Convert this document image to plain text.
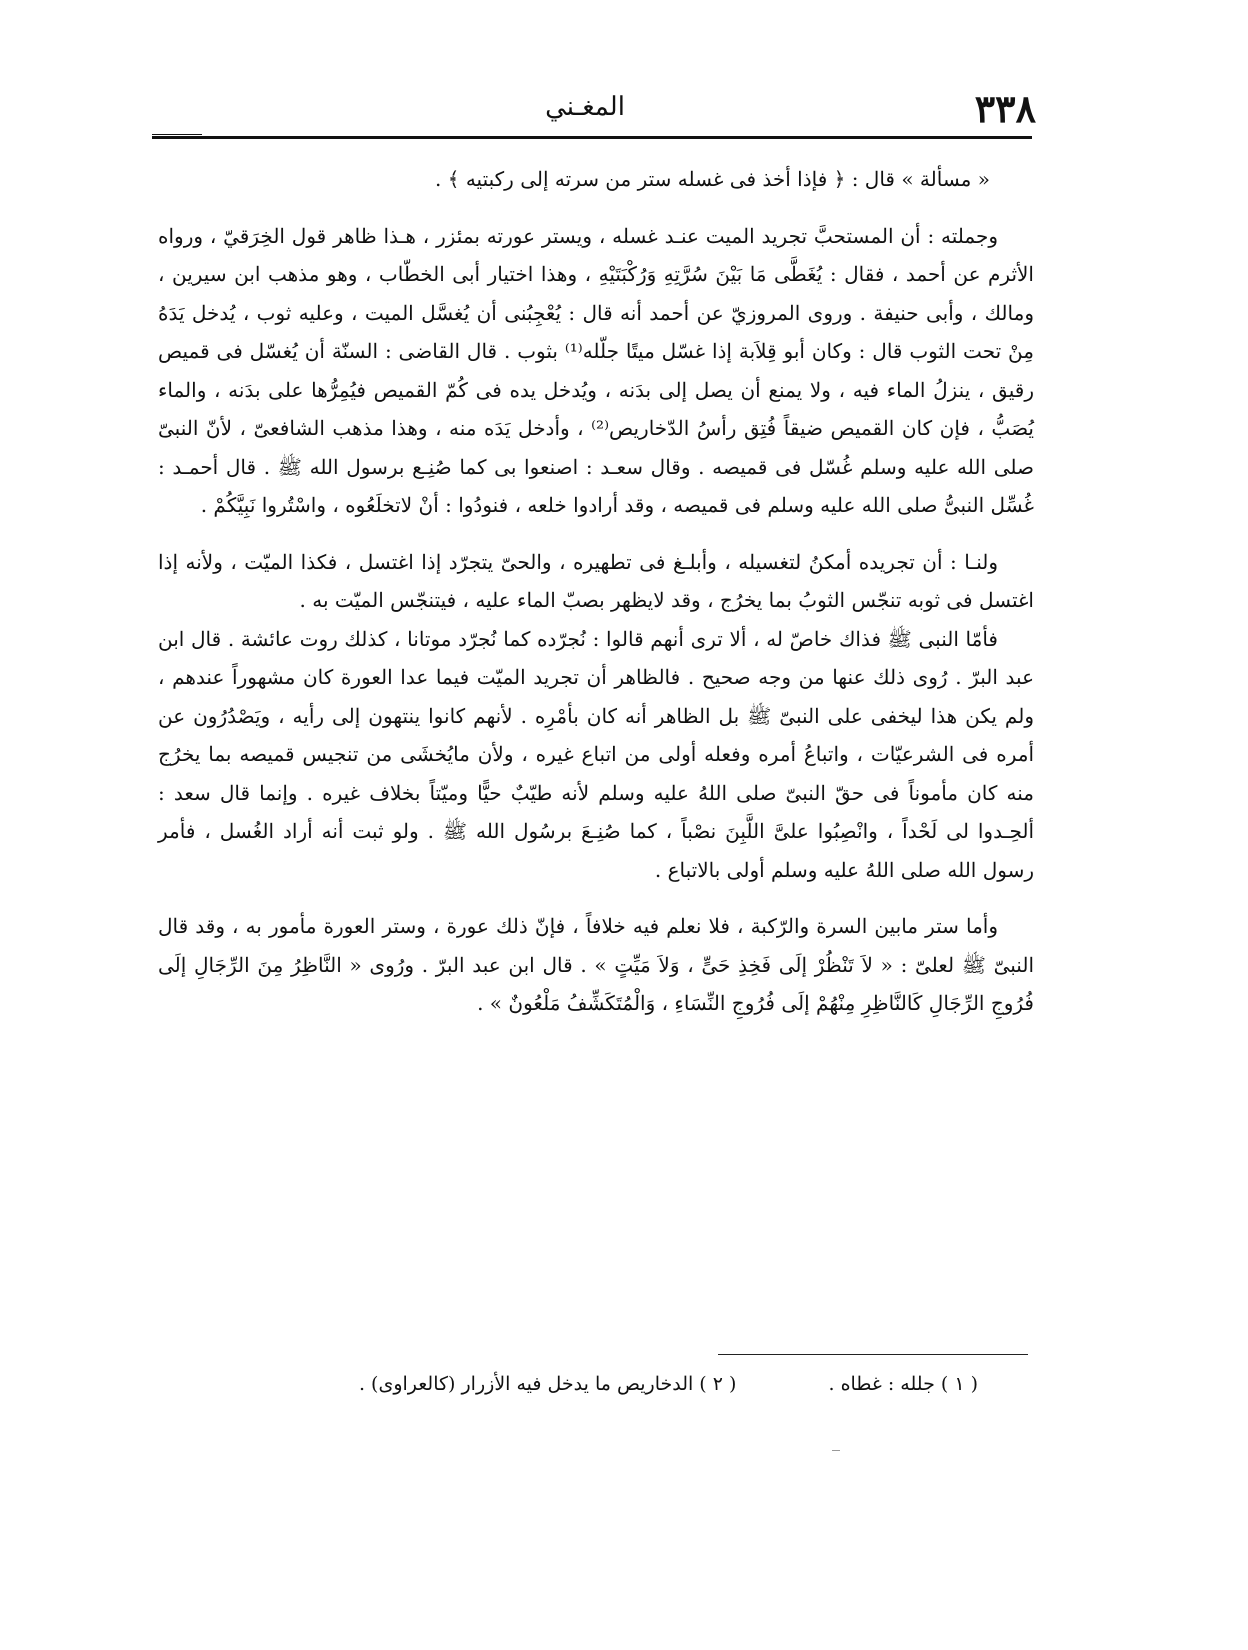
٣٣٨
المغـني

« مسألة » قال : ﴿ فإذا أخذ فى غسله ستر من سرته إلى ركبتيه ﴾ .

وجملته : أن المستحبَّ تجريد الميت عنـد غسله ، ويستر عورته بمئزر ، هـذا ظاهر قول الخِرَقيّ ، ورواه الأثرم عن أحمد ، فقال : يُغَطَّى مَا بَيْنَ سُرَّتِهِ وَرُكْبَتَيْهِ ، وهذا اختيار أبى الخطّاب ، وهو مذهب ابن سيرين ، ومالك ، وأبى حنيفة . وروى المروزيّ عن أحمد أنه قال : يُعْجِبُنى أن يُغسَّل الميت ، وعليه ثوب ، يُدخل يَدَهُ مِنْ تحت الثوب قال : وكان أبو قِلاَبة إذا غسّل ميتًا جلّله⁽¹⁾ بثوب . قال القاضى : السنّة أن يُغسّل فى قميص رقيق ، ينزلُ الماء فيه ، ولا يمنع أن يصل إلى بدَنه ، ويُدخل يده فى كُمّ القميص فيُمِرُّها على بدَنه ، والماء يُصَبُّ ، فإن كان القميص ضيقاً فُتِق رأسُ الدّخاريص⁽²⁾ ، وأدخل يَدَه منه ، وهذا مذهب الشافعىّ ، لأنّ النبىّ صلى الله عليه وسلم غُسّل فى قميصه . وقال سعـد : اصنعوا بى كما صُنِـع برسول الله ﷺ . قال أحمـد : غُسِّل النبىُّ صلى الله عليه وسلم فى قميصه ، وقد أرادوا خلعه ، فنودُوا : أنْ لاتخلَعُوه ، واسْتُروا نَبِيَّكُمْ .

ولنـا : أن تجريده أمكنُ لتغسيله ، وأبلـغ فى تطهيره ، والحىّ يتجرّد إذا اغتسل ، فكذا الميّت ، ولأنه إذا اغتسل فى ثوبه تنجّس الثوبُ بما يخرُج ، وقد لايظهر بصبّ الماء عليه ، فيتنجّس الميّت به .

فأمّا النبى ﷺ فذاك خاصّ له ، ألا ترى أنهم قالوا : نُجرّده كما نُجرّد موتانا ، كذلك روت عائشة . قال ابن عبد البرّ . رُوى ذلك عنها من وجه صحيح . فالظاهر أن تجريد الميّت فيما عدا العورة كان مشهوراً عندهم ، ولم يكن هذا ليخفى على النبىّ ﷺ بل الظاهر أنه كان بأمْرِه . لأنهم كانوا ينتهون إلى رأيه ، ويَصْدُرُون عن أمره فى الشرعيّات ، واتباعُ أمره وفعله أولى من اتباع غيره ، ولأن مايُخشَى من تنجيس قميصه بما يخرُج منه كان مأموناً فى حقّ النبىّ صلى اللهُ عليه وسلم لأنه طيّبٌ حيًّا وميّتاً بخلاف غيره . وإنما قال سعد : ألحِـدوا لى لَحْداً ، وانْصِبُوا علىَّ اللَّبِنَ نصْباً ، كما صُنِـعَ برسُول الله ﷺ . ولو ثبت أنه أراد الغُسل ، فأمر رسول الله صلى اللهُ عليه وسلم أولى بالاتباع .

وأما ستر مابين السرة والرّكبة ، فلا نعلم فيه خلافاً ، فإنّ ذلك عورة ، وستر العورة مأمور به ، وقد قال النبىّ ﷺ لعلىّ : « لاَ تَنْظُرْ إلَى فَخِذِ حَىٍّ ، وَلاَ مَيِّتٍ » . قال ابن عبد البرّ . ورُوى « النَّاظِرُ مِنَ الرِّجَالِ إلَى فُرُوجِ الرِّجَالِ كَالنَّاظِرِ مِنْهُمْ إلَى فُرُوجِ النِّسَاءِ ، وَالْمُتَكَشِّفُ مَلْعُونٌ » .

( ١ ) جلله : غطاه . ( ٢ ) الدخاريص ما يدخل فيه الأزرار (كالعراوى) .
